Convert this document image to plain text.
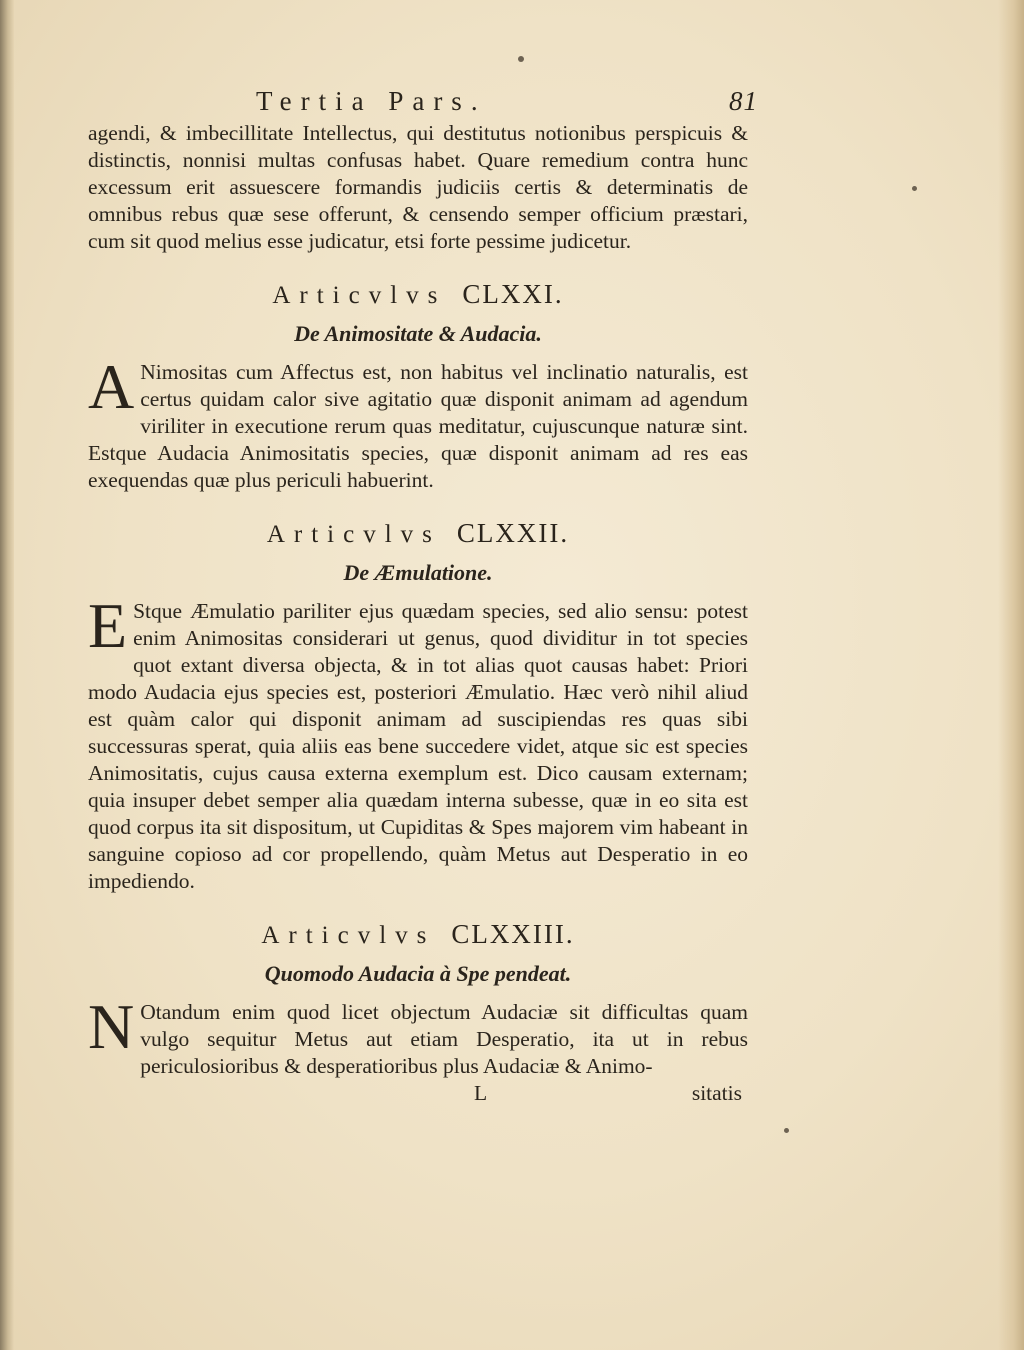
Tertia Pars.	81

agendi, & imbecillitate Intellectus, qui destitutus notionibus perspicuis & distinctis, nonnisi multas confusas habet. Quare remedium contra hunc excessum erit assuescere formandis judiciis certis & determinatis de omnibus rebus quæ sese offerunt, & censendo semper officium præstari, cum sit quod melius esse judicatur, etsi forte pessime judicetur.

Articvlvs CLXXI.
De Animositate & Audacia.

A Nimositas cum Affectus est, non habitus vel inclinatio naturalis, est certus quidam calor sive agitatio quæ disponit animam ad agendum viriliter in executione rerum quas meditatur, cujuscunque naturæ sint. Estque Audacia Animositatis species, quæ disponit animam ad res eas exequendas quæ plus periculi habuerint.

Articvlvs CLXXII.
De Æmulatione.

E Stque Æmulatio pariliter ejus quædam species, sed alio sensu: potest enim Animositas considerari ut genus, quod dividitur in tot species quot extant diversa objecta, & in tot alias quot causas habet: Priori modo Audacia ejus species est, posteriori Æmulatio. Hæc verò nihil aliud est quàm calor qui disponit animam ad suscipiendas res quas sibi successuras sperat, quia aliis eas bene succedere videt, atque sic est species Animositatis, cujus causa externa exemplum est. Dico causam externam; quia insuper debet semper alia quædam interna subesse, quæ in eo sita est quod corpus ita sit dispositum, ut Cupiditas & Spes majorem vim habeant in sanguine copioso ad cor propellendo, quàm Metus aut Desperatio in eo impediendo.

Articvlvs CLXXIII.
Quomodo Audacia à Spe pendeat.

N Otandum enim quod licet objectum Audaciæ sit difficultas quam vulgo sequitur Metus aut etiam Desperatio, ita ut in rebus periculosioribus & desperatioribus plus Audaciæ & Animo-

L	sitatis
